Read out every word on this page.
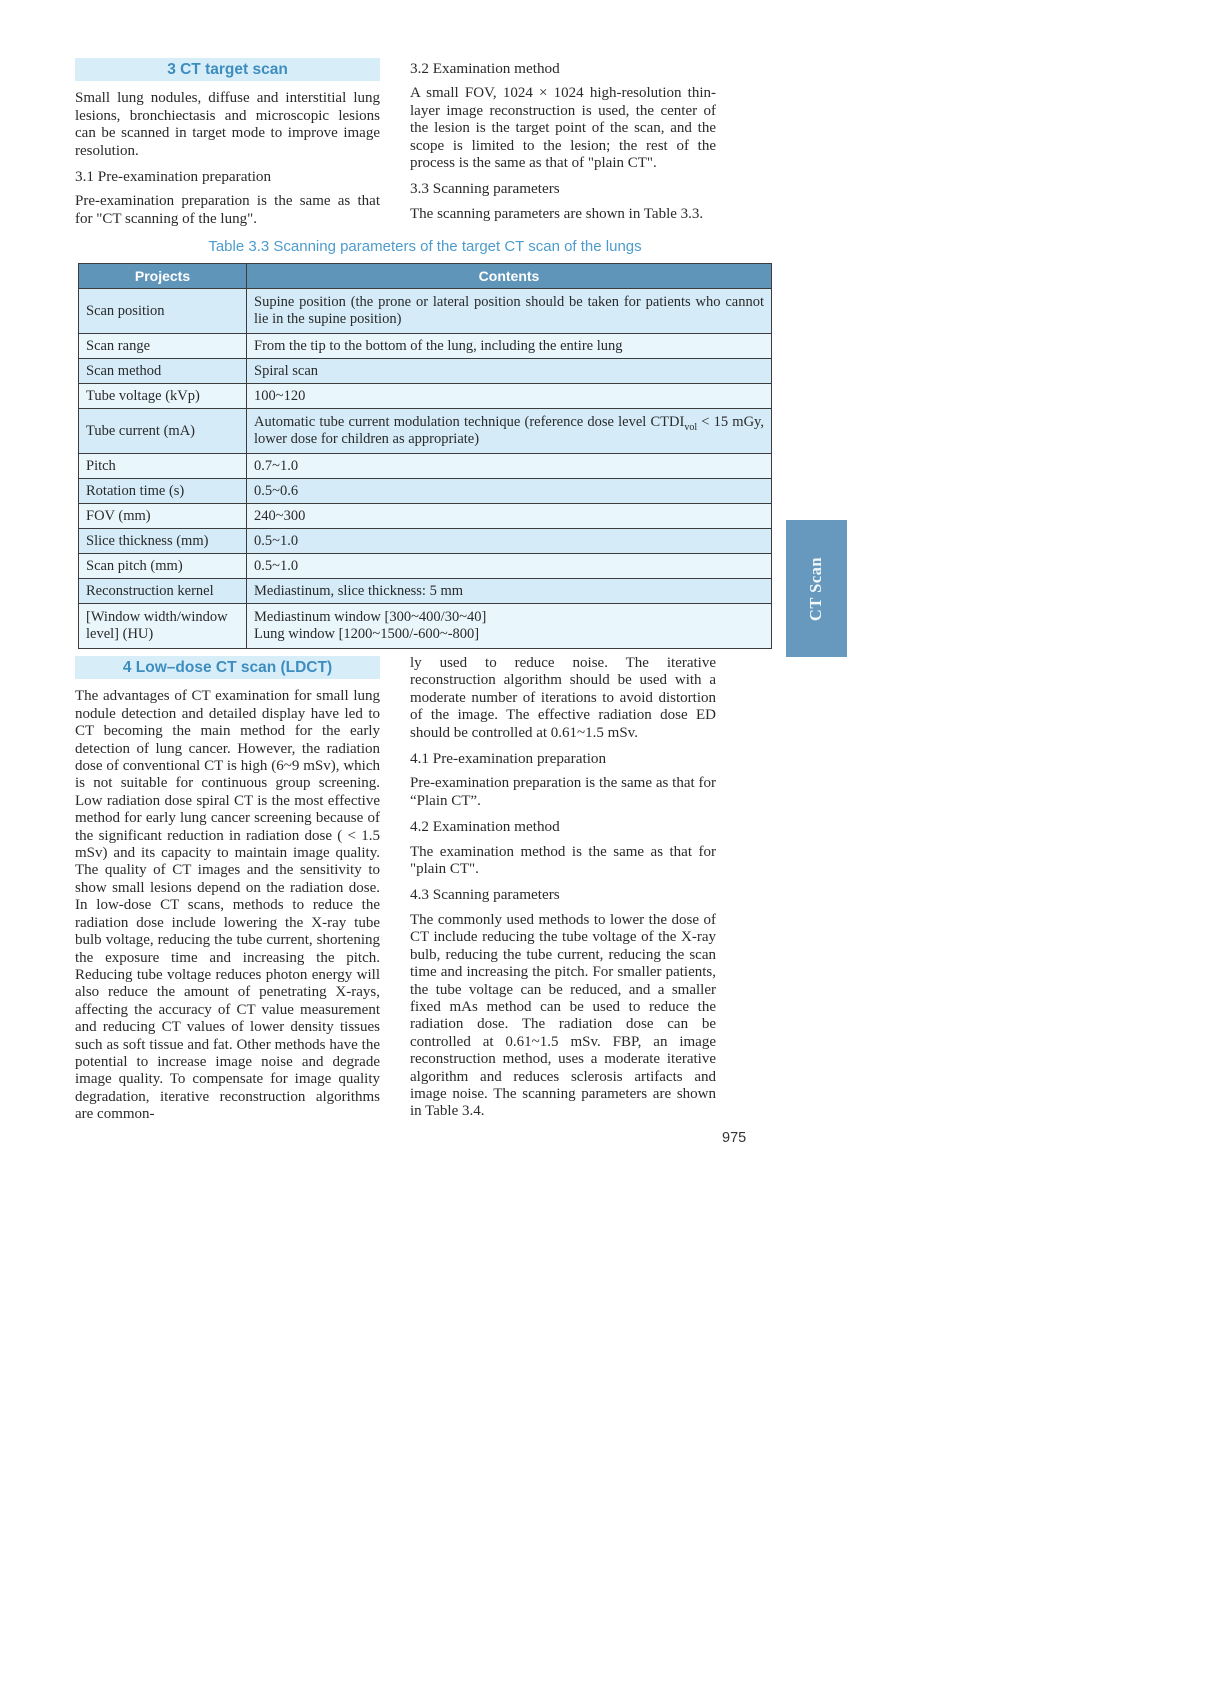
3 CT target scan

Small lung nodules, diffuse and interstitial lung lesions, bronchiectasis and microscopic lesions can be scanned in target mode to improve image resolution.

3.1 Pre-examination preparation

Pre-examination preparation is the same as that for "CT scanning of the lung".

3.2 Examination method

A small FOV, 1024 × 1024 high-resolution thin-layer image reconstruction is used, the center of the lesion is the target point of the scan, and the scope is limited to the lesion; the rest of the process is the same as that of "plain CT".

3.3 Scanning parameters

The scanning parameters are shown in Table 3.3.

Table 3.3 Scanning parameters of the target CT scan of the lungs
Projects	Contents
Scan position	Supine position (the prone or lateral position should be taken for patients who cannot lie in the supine position)
Scan range	From the tip to the bottom of the lung, including the entire lung
Scan method	Spiral scan
Tube voltage (kVp)	100~120
Tube current (mA)	Automatic tube current modulation technique (reference dose level $CTDI_{vol} < 15$ mGy, lower dose for children as appropriate)
Pitch	0.7~1.0
Rotation time (s)	0.5~0.6
FOV (mm)	240~300
Slice thickness (mm)	0.5~1.0
Scan pitch (mm)	0.5~1.0
Reconstruction kernel	Mediastinum, slice thickness: 5 mm
[Window width/window level] (HU)	Mediastinum window [300~400/30~40]
Lung window [1200~1500/-600~-800]
4 Low–dose CT scan (LDCT)

The advantages of CT examination for small lung nodule detection and detailed display have led to CT becoming the main method for the early detection of lung cancer. However, the radiation dose of conventional CT is high (6~9 mSv), which is not suitable for continuous group screening. Low radiation dose spiral CT is the most effective method for early lung cancer screening because of the significant reduction in radiation dose ( < 1.5 mSv) and its capacity to maintain image quality. The quality of CT images and the sensitivity to show small lesions depend on the radiation dose. In low-dose CT scans, methods to reduce the radiation dose include lowering the X-ray tube bulb voltage, reducing the tube current, shortening the exposure time and increasing the pitch. Reducing tube voltage reduces photon energy will also reduce the amount of penetrating X-rays, affecting the accuracy of CT value measurement and reducing CT values of lower density tissues such as soft tissue and fat. Other methods have the potential to increase image noise and degrade image quality. To compensate for image quality degradation, iterative reconstruction algorithms are common-

ly used to reduce noise. The iterative reconstruction algorithm should be used with a moderate number of iterations to avoid distortion of the image. The effective radiation dose ED should be controlled at 0.61~1.5 mSv.

4.1 Pre-examination preparation

Pre-examination preparation is the same as that for “Plain CT”.

4.2 Examination method

The examination method is the same as that for "plain CT".

4.3 Scanning parameters

The commonly used methods to lower the dose of CT include reducing the tube voltage of the X-ray bulb, reducing the tube current, reducing the scan time and increasing the pitch. For smaller patients, the tube voltage can be reduced, and a smaller fixed mAs method can be used to reduce the radiation dose. The radiation dose can be controlled at 0.61~1.5 mSv. FBP, an image reconstruction method, uses a moderate iterative algorithm and reduces sclerosis artifacts and image noise. The scanning parameters are shown in Table 3.4.

CT Scan
975
